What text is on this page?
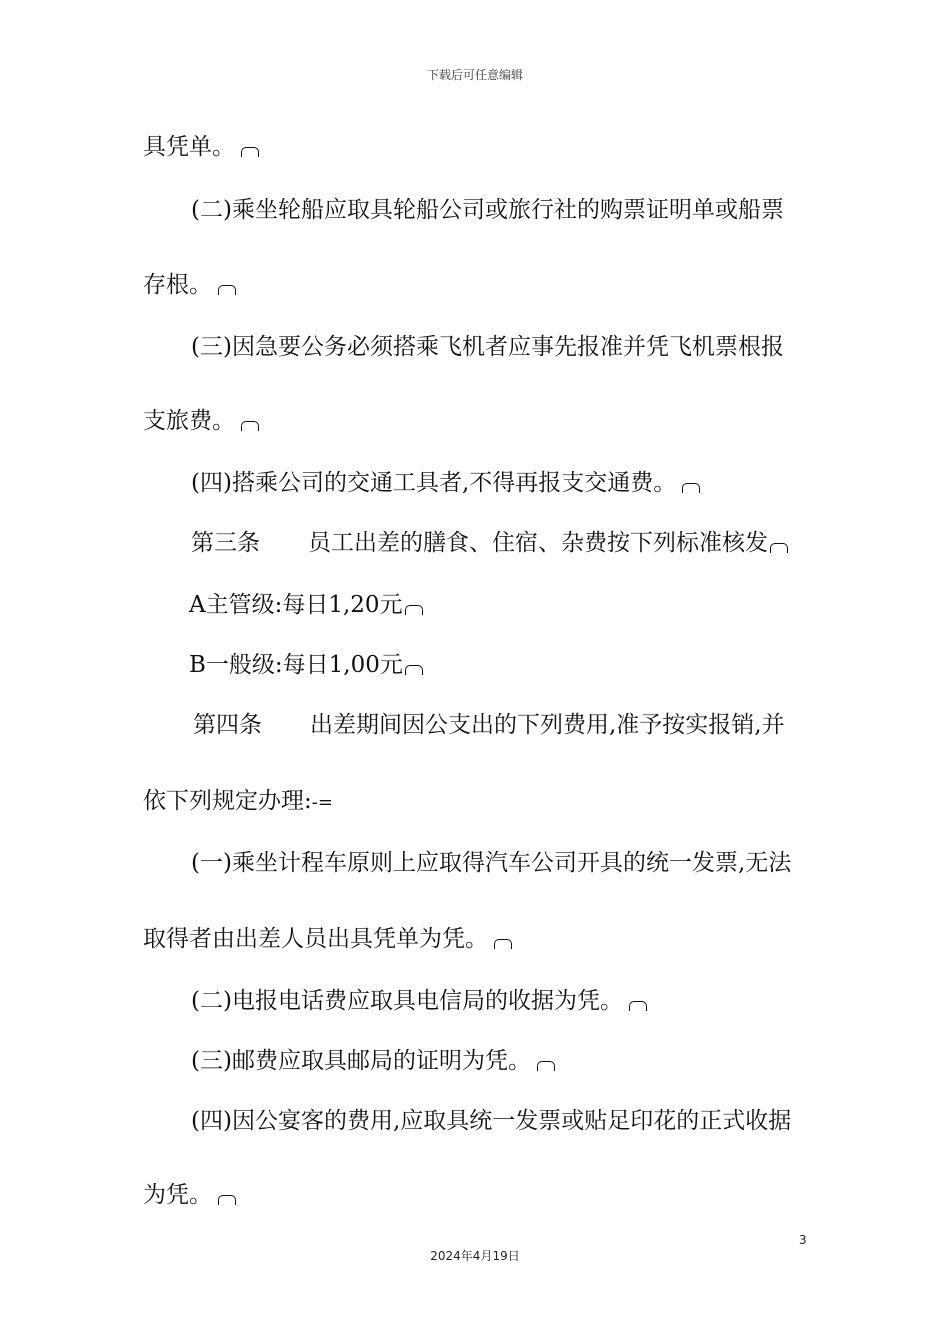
下载后可任意编辑
具凭单。
(二)乘坐轮船应取具轮船公司或旅行社的购票证明单或船票
存根。
(三)因急要公务必须搭乘飞机者应事先报准并凭飞机票根报
支旅费。
(四)搭乘公司的交通工具者,不得再报支交通费。
第三条 员工出差的膳食、住宿、杂费按下列标准核发
A主管级:每日1,20元
B一般级:每日1,00元
第四条 出差期间因公支出的下列费用,准予按实报销,并
依下列规定办理:-=
(一)乘坐计程车原则上应取得汽车公司开具的统一发票,无法
取得者由出差人员出具凭单为凭。
(二)电报电话费应取具电信局的收据为凭。
(三)邮费应取具邮局的证明为凭。
(四)因公宴客的费用,应取具统一发票或贴足印花的正式收据
为凭。
3
2024年4月19日
